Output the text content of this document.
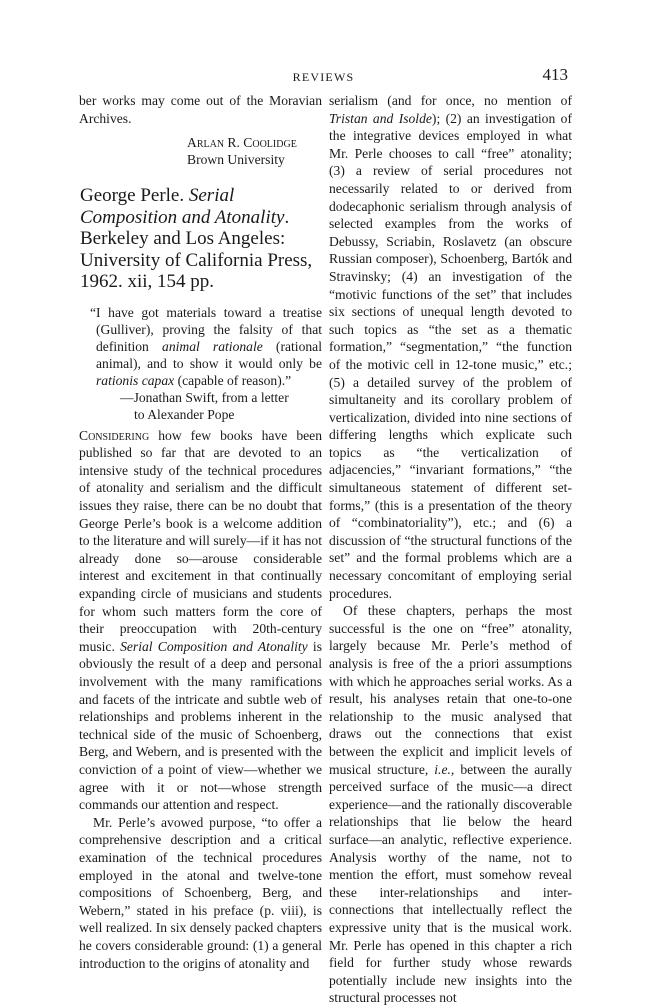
REVIEWS	413

ber works may come out of the Moravian Archives.

Arlan R. Coolidge
Brown University
George Perle. Serial Composition and Atonality. Berkeley and Los Angeles: University of California Press, 1962. xii, 154 pp.

“I have got materials toward a treatise (Gulliver), proving the falsity of that definition animal rationale (rational animal), and to show it would only be rationis capax (capable of reason).”

—Jonathan Swift, from a letter
to Alexander Pope

Considering how few books have been published so far that are devoted to an intensive study of the technical procedures of atonality and serialism and the difficult issues they raise, there can be no doubt that George Perle’s book is a welcome addition to the literature and will surely—if it has not already done so—arouse considerable interest and excitement in that continually expanding circle of musicians and students for whom such matters form the core of their preoccupation with 20th-century music. Serial Composition and Atonality is obviously the result of a deep and personal involvement with the many ramifications and facets of the intricate and subtle web of relationships and problems inherent in the technical side of the music of Schoenberg, Berg, and Webern, and is presented with the conviction of a point of view—whether we agree with it or not—whose strength commands our attention and respect.

Mr. Perle’s avowed purpose, “to offer a comprehensive description and a critical examination of the technical procedures employed in the atonal and twelve-tone compositions of Schoenberg, Berg, and Webern,” stated in his preface (p. viii), is well realized. In six densely packed chapters he covers considerable ground: (1) a general introduction to the origins of atonality and

serialism (and for once, no mention of Tristan and Isolde); (2) an investigation of the integrative devices employed in what Mr. Perle chooses to call “free” atonality; (3) a review of serial procedures not necessarily related to or derived from dodecaphonic serialism through analysis of selected examples from the works of Debussy, Scriabin, Roslavetz (an obscure Russian composer), Schoenberg, Bartók and Stravinsky; (4) an investigation of the “motivic functions of the set” that includes six sections of unequal length devoted to such topics as “the set as a thematic formation,” “segmentation,” “the function of the motivic cell in 12-tone music,” etc.; (5) a detailed survey of the problem of simultaneity and its corollary problem of verticalization, divided into nine sections of differing lengths which explicate such topics as “the verticalization of adjacencies,” “invariant formations,” “the simultaneous statement of different set-forms,” (this is a presentation of the theory of “combinatoriality”), etc.; and (6) a discussion of “the structural functions of the set” and the formal problems which are a necessary concomitant of employing serial procedures.

Of these chapters, perhaps the most successful is the one on “free” atonality, largely because Mr. Perle’s method of analysis is free of the a priori assumptions with which he approaches serial works. As a result, his analyses retain that one-to-one relationship to the music analysed that draws out the connections that exist between the explicit and implicit levels of musical structure, i.e., between the aurally perceived surface of the music—a direct experience—and the rationally discoverable relationships that lie below the heard surface—an analytic, reflective experience. Analysis worthy of the name, not to mention the effort, must somehow reveal these inter-relationships and inter-connections that intellectually reflect the expressive unity that is the musical work. Mr. Perle has opened in this chapter a rich field for further study whose rewards potentially include new insights into the structural processes not
